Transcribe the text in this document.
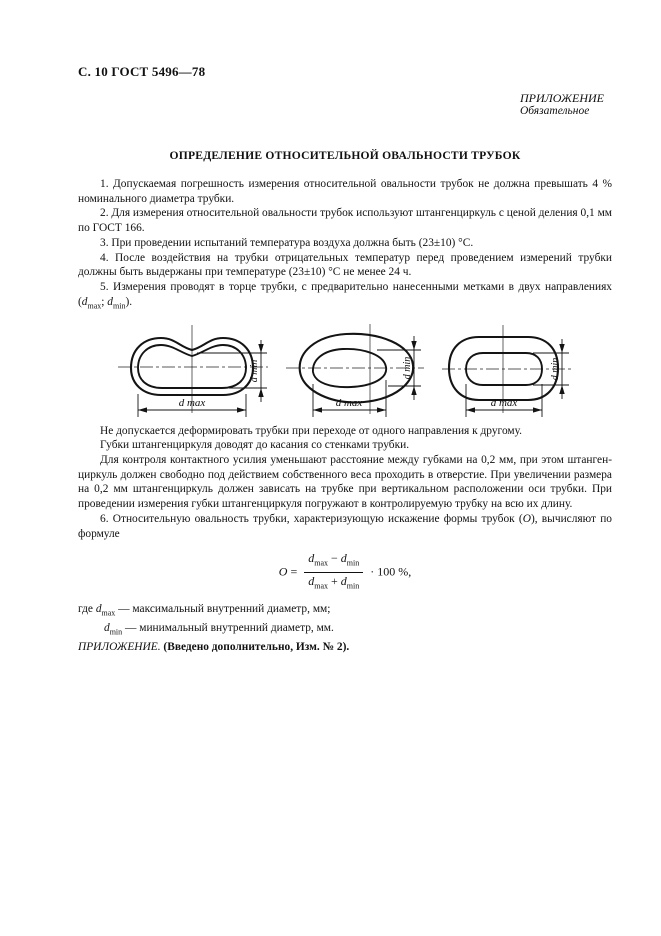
С. 10 ГОСТ 5496—78
ПРИЛОЖЕНИЕ
Обязательное
ОПРЕДЕЛЕНИЕ ОТНОСИТЕЛЬНОЙ ОВАЛЬНОСТИ ТРУБОК

1. Допускаемая погрешность измерения относительной овальности трубок не должна превышать 4 % номинального диаметра трубки.

2. Для измерения относительной овальности трубок используют штангенциркуль с ценой деления 0,1 мм по ГОСТ 166.

3. При проведении испытаний температура воздуха должна быть (23±10) °С.

4. После воздействия на трубки отрицательных температур перед проведением измерений трубки должны быть выдержаны при температуре (23±10) °С не менее 24 ч.

5. Измерения проводят в торце трубки, с предварительно нанесенными метками в двух направлениях ($d_{max}$; $d_{min}$).

d max
d min
d max
d min
d max
d min

Не допускается деформировать трубки при переходе от одного направления к другому.

Губки штангенциркуля доводят до касания со стенками трубки.

Для контроля контактного усилия уменьшают расстояние между губками на 0,2 мм, при этом штанген-циркуль должен свободно под действием собственного веса проходить в отверстие. При увеличении размера на 0,2 мм штангенциркуль должен зависать на трубке при вертикальном расположении оси трубки. При проведении измерения губки штангенциркуля погружают в контролируемую трубку на всю их длину.

6. Относительную овальность трубки, характеризующую искажение формы трубок (O), вычисляют по формуле

$O = \frac{d_{max} - d_{min}}{d_{max} + d_{min}} \cdot 100$ %,

где $d_{max}$ — максимальный внутренний диаметр, мм;

$d_{min}$ — минимальный внутренний диаметр, мм.

ПРИЛОЖЕНИЕ. (Введено дополнительно, Изм. № 2).
